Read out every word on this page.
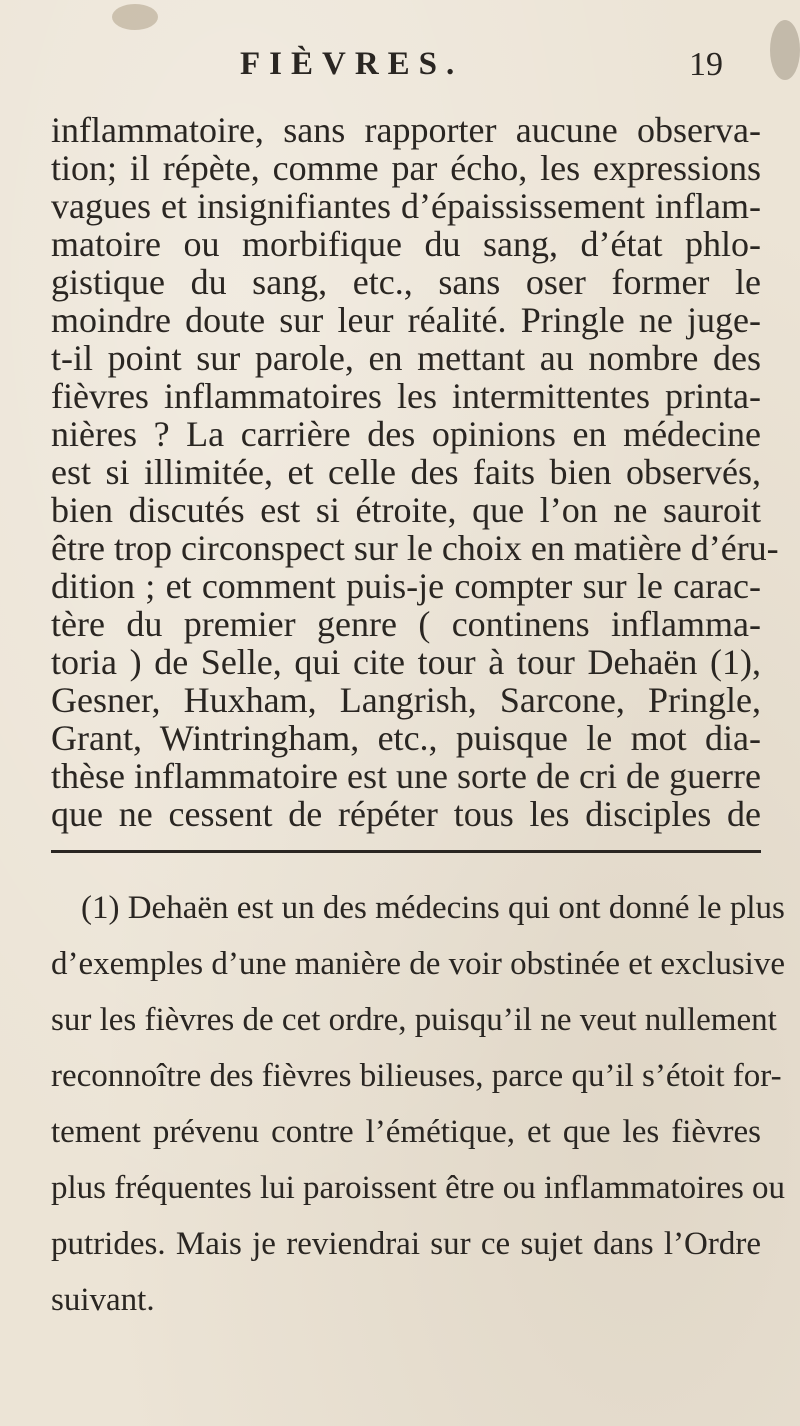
FIÈVRES.	19
inflammatoire, sans rapporter aucune observa-
tion; il répète, comme par écho, les expressions
vagues et insignifiantes d’épaississement inflam-
matoire ou morbifique du sang, d’état phlo-
gistique du sang, etc., sans oser former le
moindre doute sur leur réalité. Pringle ne juge-
t-il point sur parole, en mettant au nombre des
fièvres inflammatoires les intermittentes printa-
nières ? La carrière des opinions en médecine
est si illimitée, et celle des faits bien observés,
bien discutés est si étroite, que l’on ne sauroit
être trop circonspect sur le choix en matière d’éru-
dition ; et comment puis-je compter sur le carac-
tère du premier genre ( continens inflamma-
toria ) de Selle, qui cite tour à tour Dehaën (1),
Gesner, Huxham, Langrish, Sarcone, Pringle,
Grant, Wintringham, etc., puisque le mot dia-
thèse inflammatoire est une sorte de cri de guerre
que ne cessent de répéter tous les disciples de
(1) Dehaën est un des médecins qui ont donné le plus
d’exemples d’une manière de voir obstinée et exclusive
sur les fièvres de cet ordre, puisqu’il ne veut nullement
reconnoître des fièvres bilieuses, parce qu’il s’étoit for-
tement prévenu contre l’émétique, et que les fièvres
plus fréquentes lui paroissent être ou inflammatoires ou
putrides. Mais je reviendrai sur ce sujet dans l’Ordre
suivant.
